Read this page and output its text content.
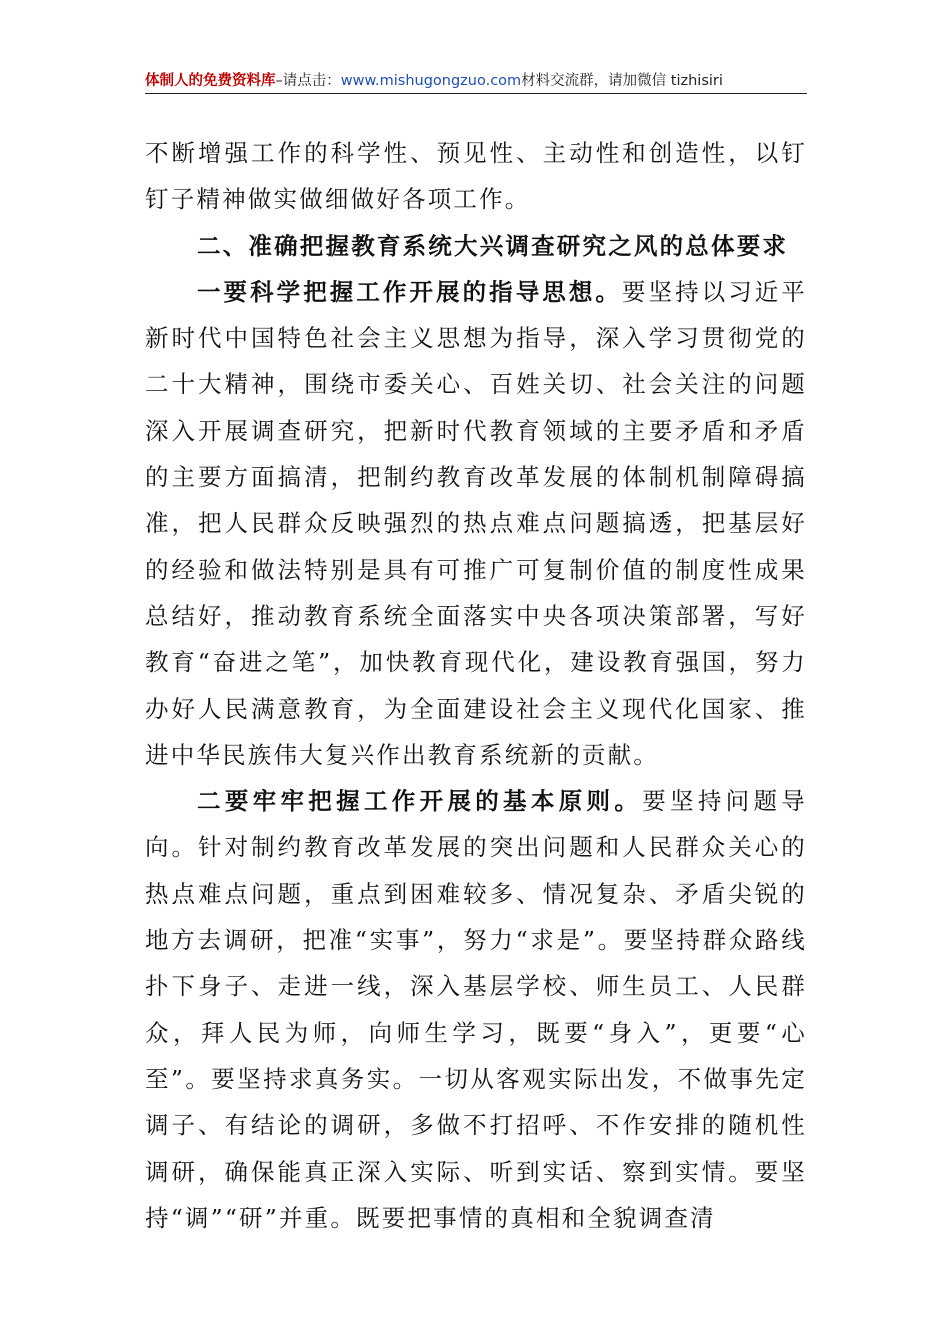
体制人的免费资料库–请点击：www.mishugongzuo.com材料交流群，请加微信 tizhisiri

不断增强工作的科学性、预见性、主动性和创造性，以钉钉子精神做实做细做好各项工作。

二、准确把握教育系统大兴调查研究之风的总体要求

一要科学把握工作开展的指导思想。要坚持以习近平新时代中国特色社会主义思想为指导，深入学习贯彻党的二十大精神，围绕市委关心、百姓关切、社会关注的问题深入开展调查研究，把新时代教育领域的主要矛盾和矛盾的主要方面搞清，把制约教育改革发展的体制机制障碍搞准，把人民群众反映强烈的热点难点问题搞透，把基层好的经验和做法特别是具有可推广可复制价值的制度性成果总结好，推动教育系统全面落实中央各项决策部署，写好教育“奋进之笔”，加快教育现代化，建设教育强国，努力办好人民满意教育，为全面建设社会主义现代化国家、推进中华民族伟大复兴作出教育系统新的贡献。

二要牢牢把握工作开展的基本原则。要坚持问题导向。针对制约教育改革发展的突出问题和人民群众关心的热点难点问题，重点到困难较多、情况复杂、矛盾尖锐的地方去调研，把准“实事”，努力“求是”。要坚持群众路线扑下身子、走进一线，深入基层学校、师生员工、人民群众，拜人民为师，向师生学习，既要“身入”，更要“心至”。要坚持求真务实。一切从客观实际出发，不做事先定调子、有结论的调研，多做不打招呼、不作安排的随机性调研，确保能真正深入实际、听到实话、察到实情。要坚持“调”“研”并重。既要把事情的真相和全貌调查清
